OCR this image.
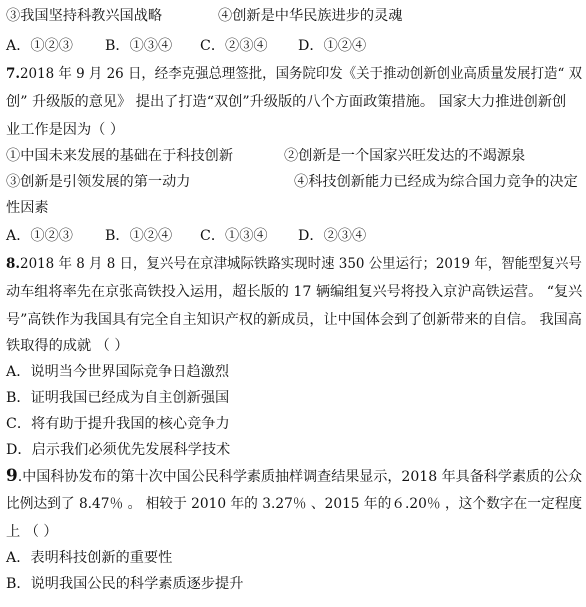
③我国坚持科教兴国战略	④创新是中华民族进步的灵魂
A．①②③ B．①③④ C．②③④ D．①②④
7.2018 年 9 月 26 日，经李克强总理签批，国务院印发《关于推动创新创业高质量发展打造“ 双
创” 升级版的意见》 提出了打造“双创”升级版的八个方面政策措施。 国家大力推进创新创
业工作是因为（ ）
①中国未来发展的基础在于科技创新	②创新是一个国家兴旺发达的不竭源泉
③创新是引领发展的第一动力	④科技创新能力已经成为综合国力竞争的决定
性因素
A．①②③ B．①②④ C．①③④ D．②③④
8.2018 年 8 月 8 日，复兴号在京津城际铁路实现时速 350 公里运行；2019 年，智能型复兴号
动车组将率先在京张高铁投入运用，超长版的 17 辆编组复兴号将投入京沪高铁运营。 “复兴
号”高铁作为我国具有完全自主知识产权的新成员，让中国体会到了创新带来的自信。 我国高
铁取得的成就 （ ）
A．说明当今世界国际竞争日趋激烈
B．证明我国已经成为自主创新强国
C．将有助于提升我国的核心竞争力
D．启示我们必须优先发展科学技术
9.中国科协发布的第十次中国公民科学素质抽样调查结果显示，2018 年具备科学素质的公众
比例达到了 8.47％ 。 相较于 2010 年的 3.27％ 、2015 年的６.20％ ，这个数字在一定程度
上 （ ）
A．表明科技创新的重要性
B．说明我国公民的科学素质逐步提升
